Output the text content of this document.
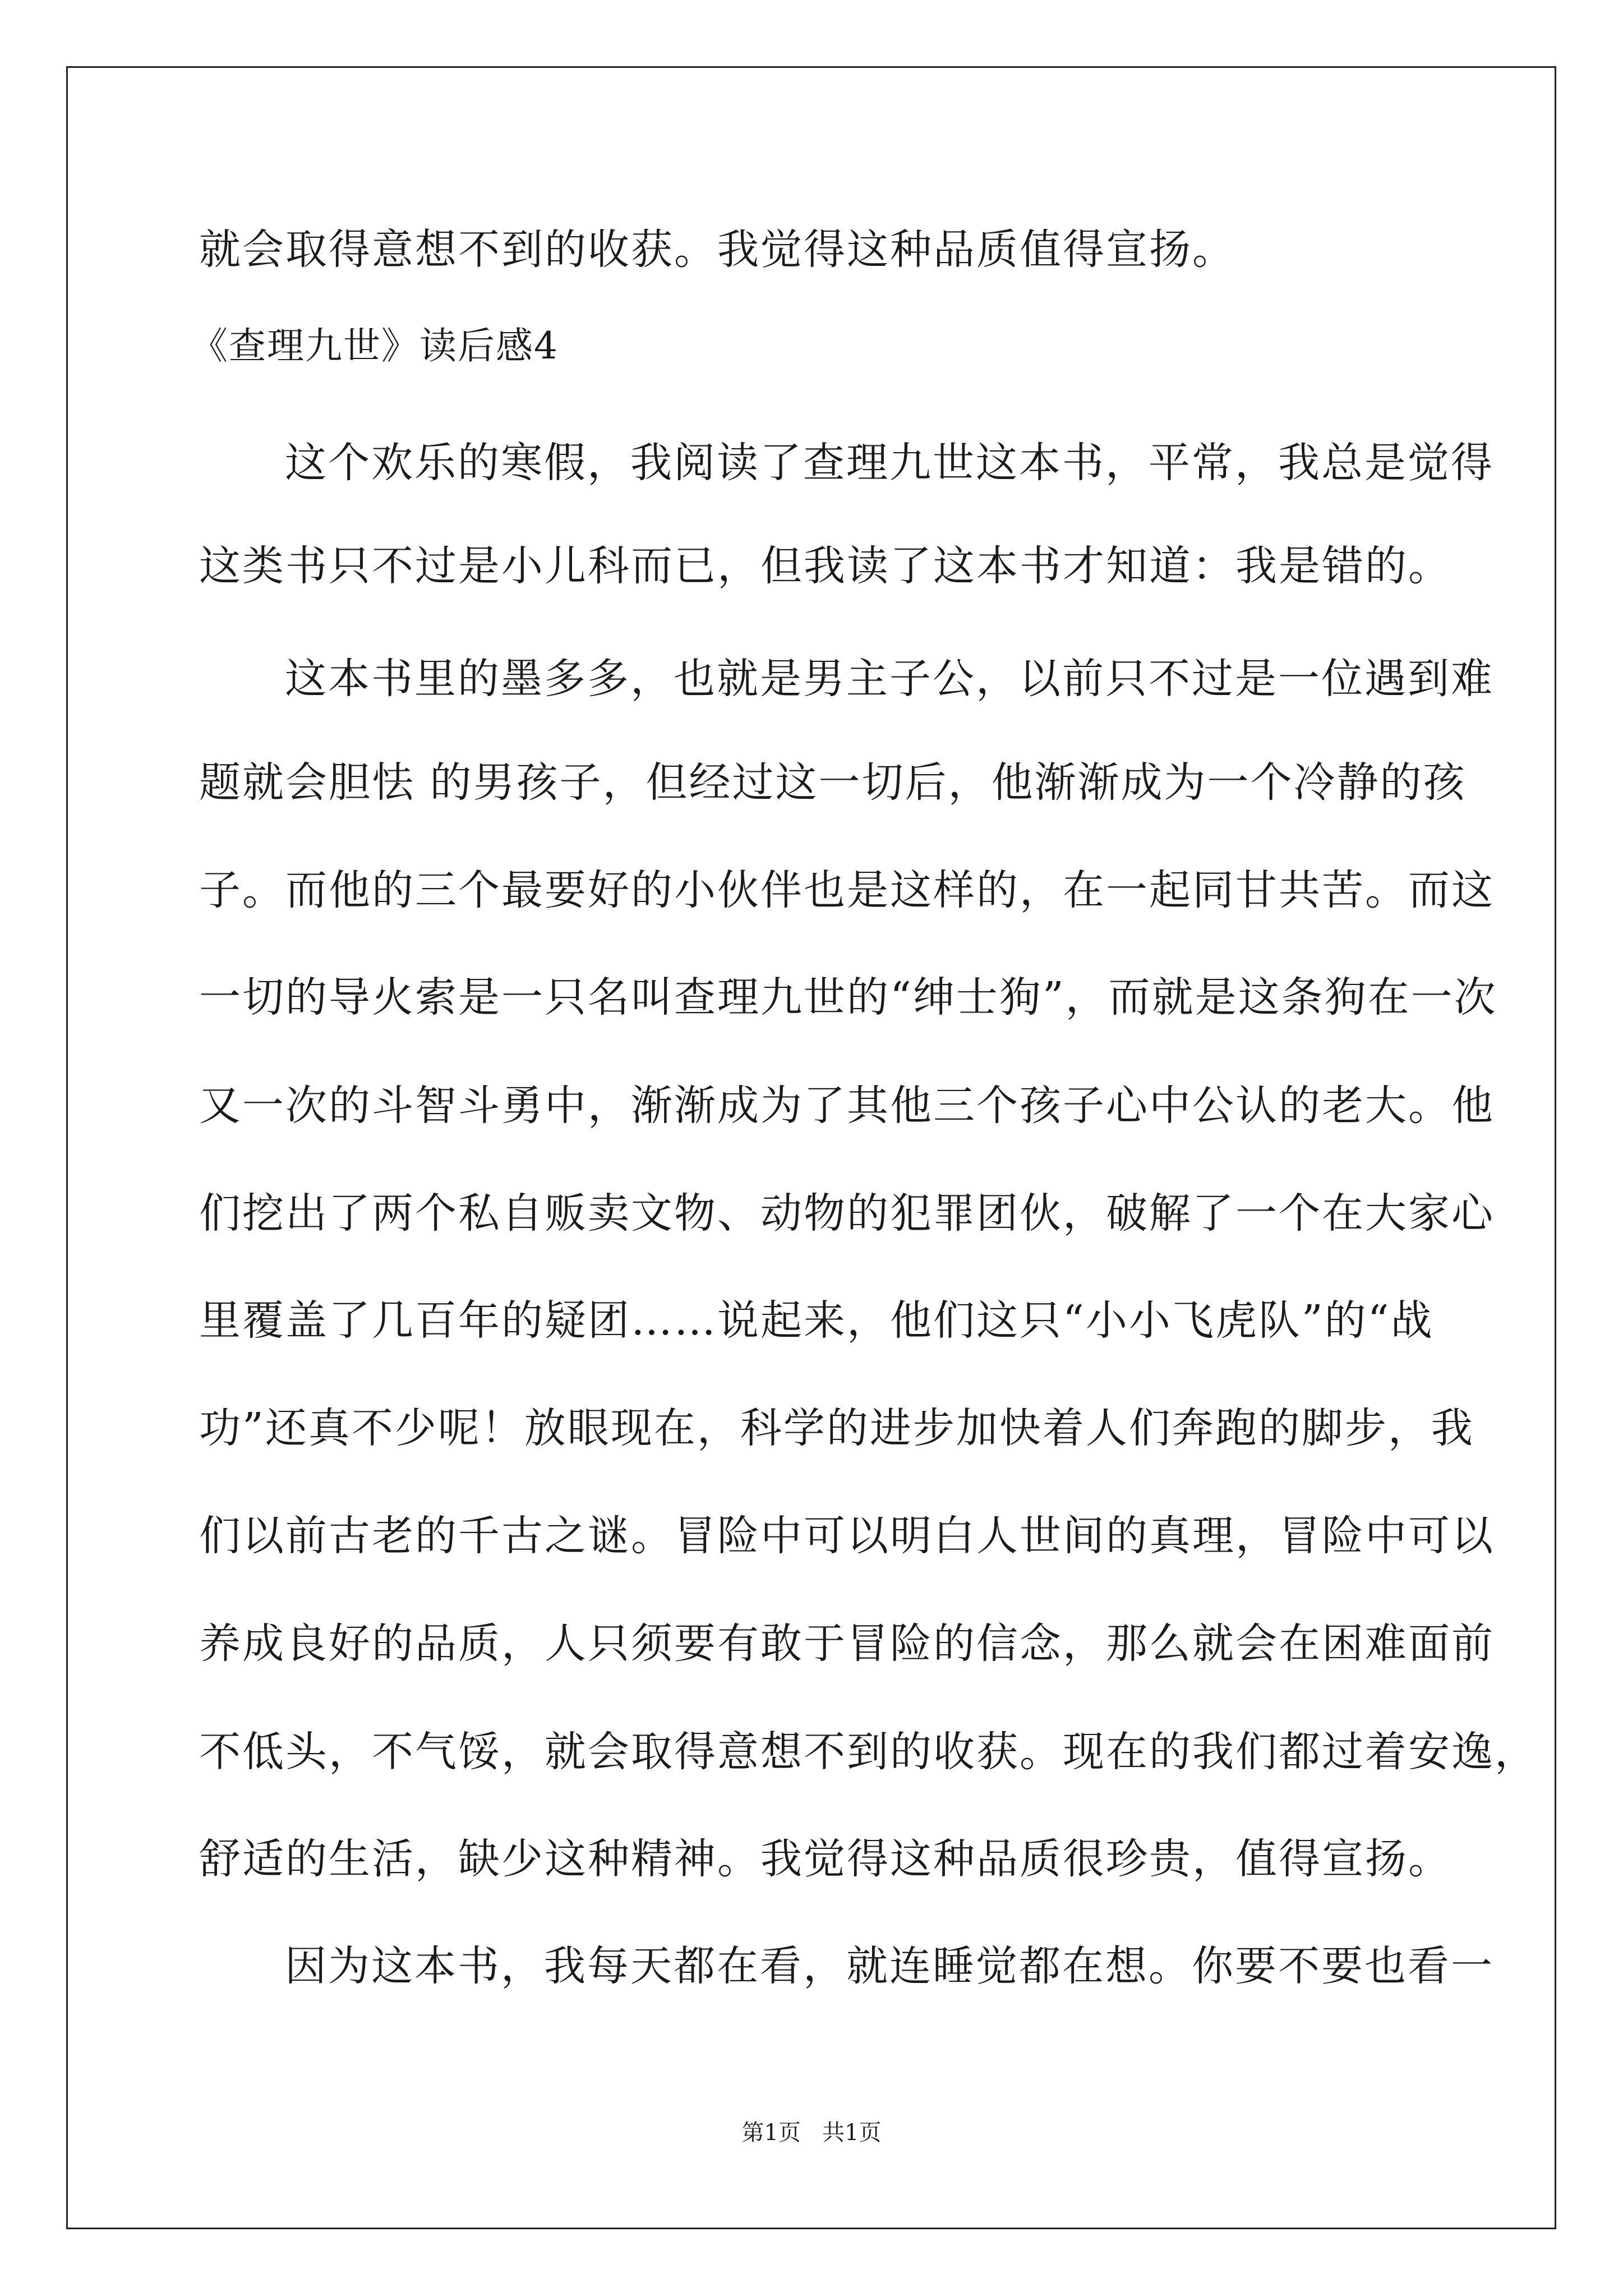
就会取得意想不到的收获。我觉得这种品质值得宣扬。
《查理九世》读后感4
这个欢乐的寒假，我阅读了查理九世这本书，平常，我总是觉得
这类书只不过是小儿科而已，但我读了这本书才知道：我是错的。
这本书里的墨多多，也就是男主子公，以前只不过是一位遇到难
题就会胆怯 的男孩子，但经过这一切后，他渐渐成为一个冷静的孩
子。而他的三个最要好的小伙伴也是这样的，在一起同甘共苦。而这
一切的导火索是一只名叫查理九世的“绅士狗”，而就是这条狗在一次
又一次的斗智斗勇中，渐渐成为了其他三个孩子心中公认的老大。他
们挖出了两个私自贩卖文物、动物的犯罪团伙，破解了一个在大家心
里覆盖了几百年的疑团……说起来，他们这只“小小飞虎队”的“战
功”还真不少呢！放眼现在，科学的进步加快着人们奔跑的脚步，我
们以前古老的千古之谜。冒险中可以明白人世间的真理，冒险中可以
养成良好的品质，人只须要有敢于冒险的信念，那么就会在困难面前
不低头，不气馁，就会取得意想不到的收获。现在的我们都过着安逸，
舒适的生活，缺少这种精神。我觉得这种品质很珍贵，值得宣扬。
因为这本书，我每天都在看，就连睡觉都在想。你要不要也看一
第1页   共1页
